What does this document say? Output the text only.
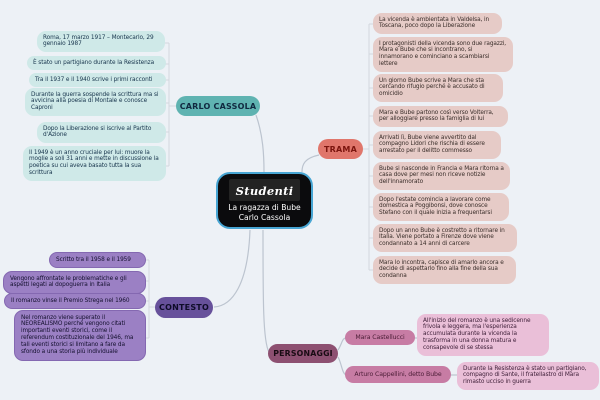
Roma, 17 marzo 1917 – Montecarlo, 29 gennaio 1987
È stato un partigiano durante la Resistenza
Tra il 1937 e il 1940 scrive i primi racconti
Durante la guerra sospende la scrittura ma si avvicina alla poesia di Montale e conosce Caproni
Dopo la Liberazione si iscrive al Partito d'Azione
Il 1949 è un anno cruciale per lui: muore la moglie a soli 31 anni e mette in discussione la poetica su cui aveva basato tutta la sua scrittura
CARLO CASSOLA
TRAMA
La vicenda è ambientata in Valdelsa, in Toscana, poco dopo la Liberazione
I protagonisti della vicenda sono due ragazzi, Mara e Bube che si incontrano, si innamorano e cominciano a scambiarsi lettere
Un giorno Bube scrive a Mara che sta cercando rifugio perché è accusato di omicidio
Mara e Bube partono così verso Volterra, per alloggiare presso la famiglia di lui
Arrivati lì, Bube viene avvertito dal compagno Lidori che rischia di essere arrestato per il delitto commesso
Bube si nasconde in Francia e Mara ritorna a casa dove per mesi non riceve notizie dell'innamorato
Dopo l'estate comincia a lavorare come domestica a Poggibonsi, dove conosce Stefano con il quale inizia a frequentarsi
Dopo un anno Bube è costretto a ritornare in Italia. Viene portato a Firenze dove viene condannato a 14 anni di carcere
Mara lo incontra, capisce di amarlo ancora e decide di aspettarlo fino alla fine della sua condanna
Scritto tra il 1958 e il 1959
Vengono affrontate le problematiche e gli aspetti legati al dopoguerra in Italia
Il romanzo vinse il Premio Strega nel 1960
Nel romanzo viene superato il NEOREALISMO perché vengono citati importanti eventi storici, come il referendum costituzionale del 1946, ma tali eventi storici si limitano a fare da sfondo a una storia più individuale
CONTESTO
PERSONAGGI
Mara Castellucci
All'inizio del romanzo è una sedicenne frivola e leggera, ma l'esperienza accumulata durante la vicenda la trasforma in una donna matura e consapevole di se stessa
Arturo Cappellini, detto Bube
Durante la Resistenza è stato un partigiano, compagno di Sante, il fratellastro di Mara rimasto ucciso in guerra
Studenti
La ragazza di Bube
Carlo Cassola
